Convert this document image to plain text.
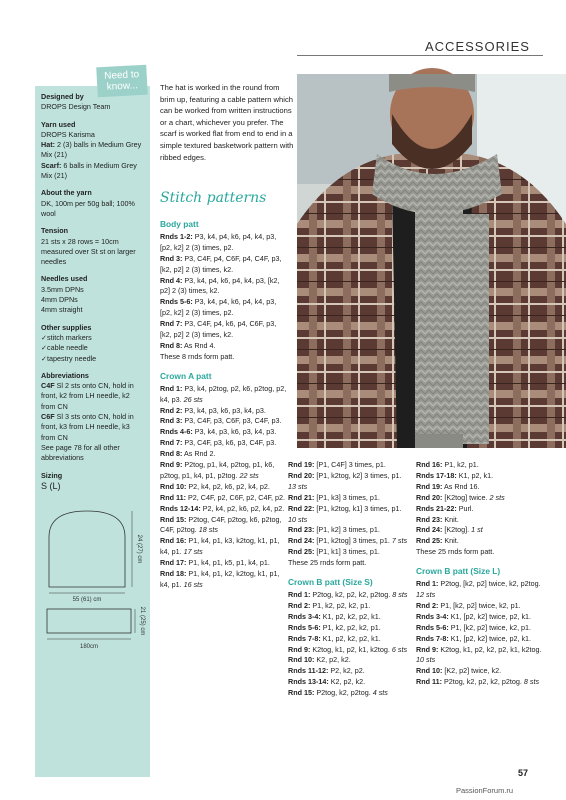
ACCESSORIES
Designed by
DROPS Design Team
Yarn used
DROPS Karisma
Hat: 2 (3) balls in Medium Grey Mix (21)
Scarf: 6 balls in Medium Grey Mix (21)
About the yarn
DK, 100m per 50g ball; 100% wool
Tension
21 sts x 28 rows = 10cm measured over St st on larger needles
Needles used
3.5mm DPNs
4mm DPNs
4mm straight
Other supplies
✓ stitch markers
✓ cable needle
✓ tapestry needle
Abbreviations
C4F Sl 2 sts onto CN, hold in front, k2 from LH needle, k2 from CN
C6F Sl 3 sts onto CN, hold in front, k3 from LH needle, k3 from CN
See page 78 for all other abbreviations
Sizing
S (L)
24 (27) cm
55 (61) cm
21 (25) cm
180cm
Need to
know...	The hat is worked in the round from brim up, featuring a cable pattern which can be worked from written instructions or a chart, whichever you prefer. The scarf is worked flat from end to end in a simple textured basketwork pattern with ribbed edges.
Stitch patterns
Body patt
Rnds 1-2: P3, k4, p4, k6, p4, k4, p3, [p2, k2] 2 (3) times, p2.
Rnd 3: P3, C4F, p4, C6F, p4, C4F, p3, [k2, p2] 2 (3) times, k2.
Rnd 4: P3, k4, p4, k6, p4, k4, p3, [k2, p2] 2 (3) times, k2.
Rnds 5-6: P3, k4, p4, k6, p4, k4, p3, [p2, k2] 2 (3) times, p2.
Rnd 7: P3, C4F, p4, k6, p4, C6F, p3, [k2, p2] 2 (3) times, k2.
Rnd 8: As Rnd 4.
These 8 rnds form patt.
Crown A patt
Rnd 1: P3, k4, p2tog, p2, k6, p2tog, p2, k4, p3. 26 sts
Rnd 2: P3, k4, p3, k6, p3, k4, p3.
Rnd 3: P3, C4F, p3, C6F, p3, C4F, p3.
Rnds 4-6: P3, k4, p3, k6, p3, k4, p3.
Rnd 7: P3, C4F, p3, k6, p3, C4F, p3.
Rnd 8: As Rnd 2.
Rnd 9: P2tog, p1, k4, p2tog, p1, k6, p2tog, p1, k4, p1, p2tog. 22 sts
Rnd 10: P2, k4, p2, k6, p2, k4, p2.
Rnd 11: P2, C4F, p2, C6F, p2, C4F, p2.
Rnds 12-14: P2, k4, p2, k6, p2, k4, p2.
Rnd 15: P2tog, C4F, p2tog, k6, p2tog, C4F, p2tog. 18 sts
Rnd 16: P1, k4, p1, k3, k2tog, k1, p1, k4, p1. 17 sts
Rnd 17: P1, k4, p1, k5, p1, k4, p1.
Rnd 18: P1, k4, p1, k2, k2tog, k1, p1, k4, p1. 16 sts
Rnd 19: [P1, C4F] 3 times, p1.
Rnd 20: [P1, k2tog, k2] 3 times, p1. 13 sts
Rnd 21: [P1, k3] 3 times, p1.
Rnd 22: [P1, k2tog, k1] 3 times, p1. 10 sts
Rnd 23: [P1, k2] 3 times, p1.
Rnd 24: [P1, k2tog] 3 times, p1. 7 sts
Rnd 25: [P1, k1] 3 times, p1.
These 25 rnds form patt.
Crown B patt (Size S)
Rnd 1: P2tog, k2, p2, k2, p2tog. 8 sts
Rnd 2: P1, k2, p2, k2, p1.
Rnds 3-4: K1, p2, k2, p2, k1.
Rnds 5-6: P1, k2, p2, k2, p1.
Rnds 7-8: K1, p2, k2, p2, k1.
Rnd 9: K2tog, k1, p2, k1, k2tog. 6 sts
Rnd 10: K2, p2, k2.
Rnds 11-12: P2, k2, p2.
Rnds 13-14: K2, p2, k2.
Rnd 15: P2tog, k2, p2tog. 4 sts
Rnd 16: P1, k2, p1.
Rnds 17-18: K1, p2, k1.
Rnd 19: As Rnd 16.
Rnd 20: [K2tog] twice. 2 sts
Rnds 21-22: Purl.
Rnd 23: Knit.
Rnd 24: [K2tog]. 1 st
Rnd 25: Knit.
These 25 rnds form patt.
Crown B patt (Size L)
Rnd 1: P2tog, [k2, p2] twice, k2, p2tog. 12 sts
Rnd 2: P1, [k2, p2] twice, k2, p1.
Rnds 3-4: K1, [p2, k2] twice, p2, k1.
Rnds 5-6: P1, [k2, p2] twice, k2, p1.
Rnds 7-8: K1, [p2, k2] twice, p2, k1.
Rnd 9: K2tog, k1, p2, k2, p2, k1, k2tog. 10 sts
Rnd 10: [K2, p2] twice, k2.
Rnd 11: P2tog, k2, p2, k2, p2tog. 8 sts
57
PassionForum.ru
